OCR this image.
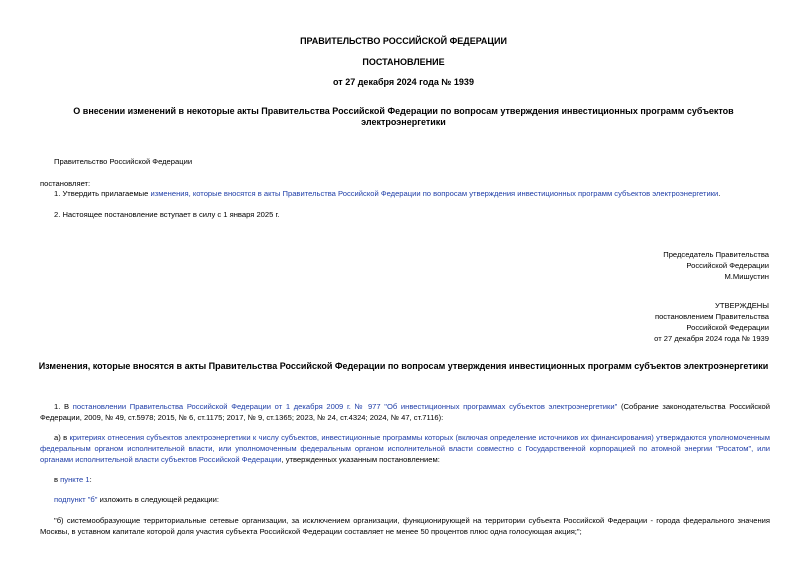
ПРАВИТЕЛЬСТВО РОССИЙСКОЙ ФЕДЕРАЦИИ

ПОСТАНОВЛЕНИЕ

от 27 декабря 2024 года № 1939

О внесении изменений в некоторые акты Правительства Российской Федерации по вопросам утверждения инвестиционных программ субъектов

электроэнергетики

Правительство Российской Федерации

постановляет:

1. Утвердить прилагаемые изменения, которые вносятся в акты Правительства Российской Федерации по вопросам утверждения инвестиционных программ субъектов электроэнергетики.

2. Настоящее постановление вступает в силу с 1 января 2025 г.

Председатель Правительства
Российской Федерации
М.Мишустин
УТВЕРЖДЕНЫ
постановлением Правительства
Российской Федерации
от 27 декабря 2024 года № 1939

Изменения, которые вносятся в акты Правительства Российской Федерации по вопросам утверждения инвестиционных программ субъектов электроэнергетики

1. В постановлении Правительства Российской Федерации от 1 декабря 2009 г. № 977 "Об инвестиционных программах субъектов электроэнергетики" (Собрание законодательства Российской Федерации, 2009, № 49, ст.5978; 2015, № 6, ст.1175; 2017, № 9, ст.1365; 2023, № 24, ст.4324; 2024, № 47, ст.7116):

а) в критериях отнесения субъектов электроэнергетики к числу субъектов, инвестиционные программы которых (включая определение источников их финансирования) утверждаются уполномоченным федеральным органом исполнительной власти, или уполномоченным федеральным органом исполнительной власти совместно с Государственной корпорацией по атомной энергии "Росатом", или органами исполнительной власти субъектов Российской Федерации, утвержденных указанным постановлением:

в пункте 1:

подпункт "б" изложить в следующей редакции:

"б) системообразующие территориальные сетевые организации, за исключением организации, функционирующей на территории субъекта Российской Федерации - города федерального значения Москвы, в уставном капитале которой доля участия субъекта Российской Федерации составляет не менее 50 процентов плюс одна голосующая акция;";
